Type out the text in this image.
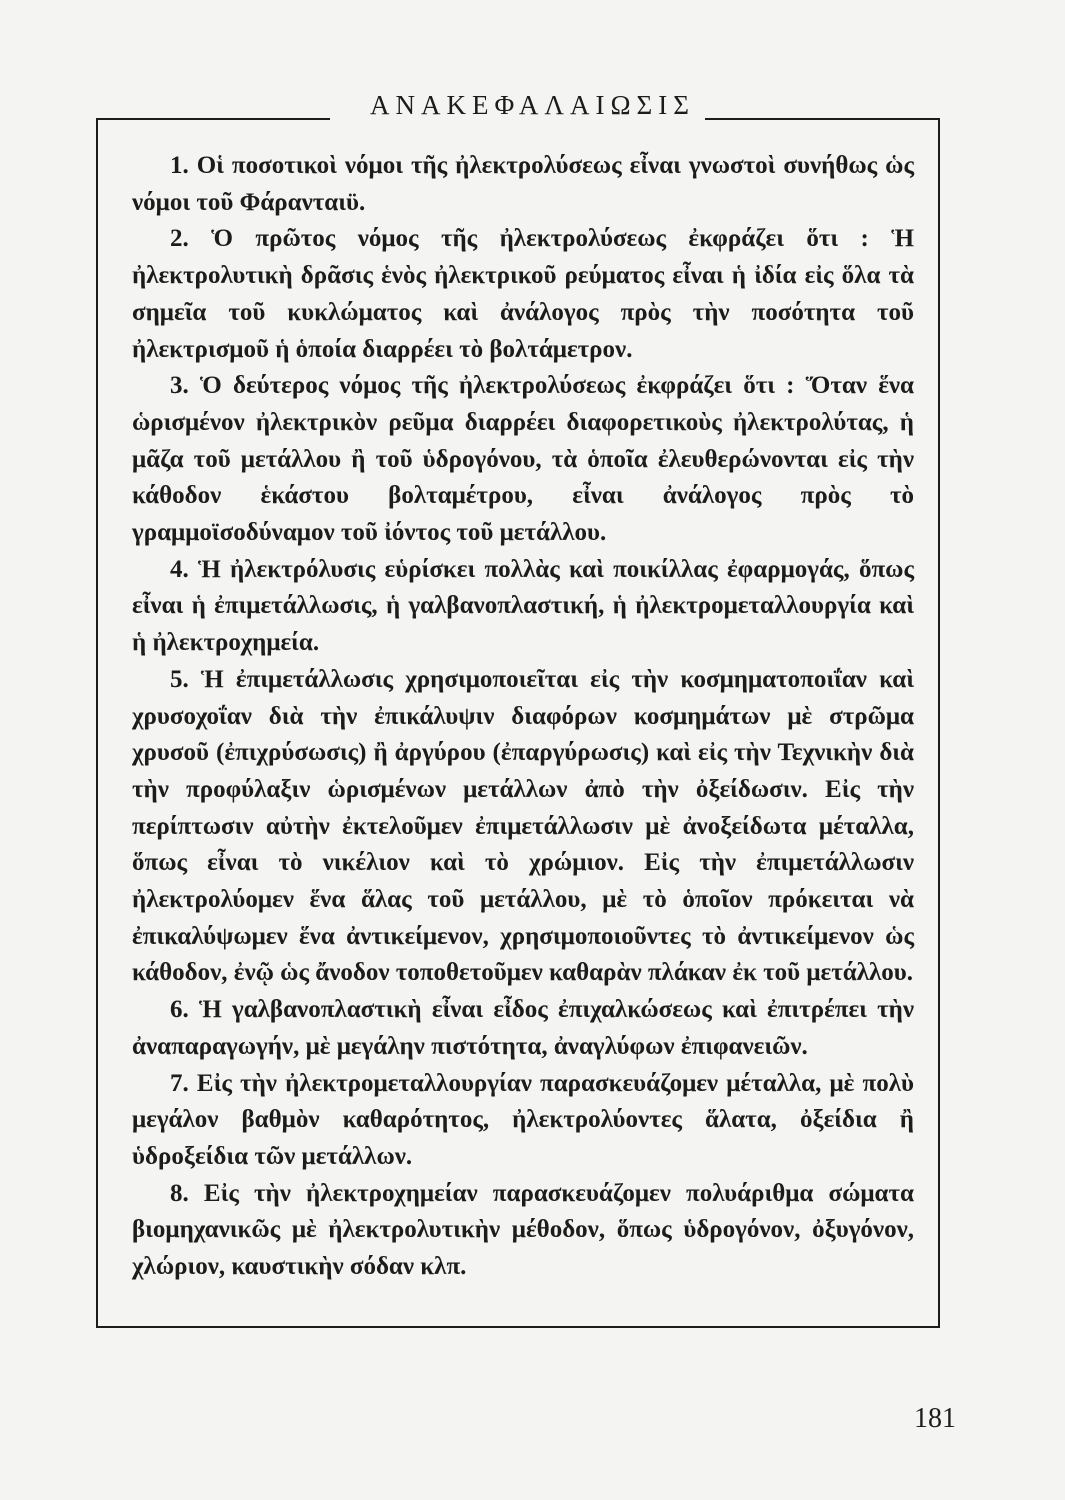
ΑΝΑΚΕΦΑΛΑΙΩΣΙΣ

1. Οἱ ποσοτικοὶ νόμοι τῆς ἠλεκτρολύσεως εἶναι γνωστοὶ συνήθως ὡς νόμοι τοῦ Φάρανταιϋ.

2. Ὁ πρῶτος νόμος τῆς ἠλεκτρολύσεως ἐκφράζει ὅτι : Ἡ ἠλεκτρολυτικὴ δρᾶσις ἑνὸς ἠλεκτρικοῦ ρεύματος εἶναι ἡ ἰδία εἰς ὅλα τὰ σημεῖα τοῦ κυκλώματος καὶ ἀνάλογος πρὸς τὴν ποσότητα τοῦ ἠλεκτρισμοῦ ἡ ὁποία διαρρέει τὸ βολτάμετρον.

3. Ὁ δεύτερος νόμος τῆς ἠλεκτρολύσεως ἐκφράζει ὅτι : Ὅταν ἕνα ὡρισμένον ἠλεκτρικὸν ρεῦμα διαρρέει διαφορετικοὺς ἠλεκτρολύτας, ἡ μᾶζα τοῦ μετάλλου ἢ τοῦ ὑδρογόνου, τὰ ὁποῖα ἐλευθερώνονται εἰς τὴν κάθοδον ἑκάστου βολταμέτρου, εἶναι ἀνάλογος πρὸς τὸ γραμμοϊσοδύναμον τοῦ ἰόντος τοῦ μετάλλου.

4. Ἡ ἠλεκτρόλυσις εὑρίσκει πολλὰς καὶ ποικίλλας ἐφαρμογάς, ὅπως εἶναι ἡ ἐπιμετάλλωσις, ἡ γαλβανοπλαστική, ἡ ἠλεκτρομεταλλουργία καὶ ἡ ἠλεκτροχημεία.

5. Ἡ ἐπιμετάλλωσις χρησιμοποιεῖται εἰς τὴν κοσμηματοποιΐαν καὶ χρυσοχοΐαν διὰ τὴν ἐπικάλυψιν διαφόρων κοσμημάτων μὲ στρῶμα χρυσοῦ (ἐπιχρύσωσις) ἢ ἀργύρου (ἐπαργύρωσις) καὶ εἰς τὴν Τεχνικὴν διὰ τὴν προφύλαξιν ὡρισμένων μετάλλων ἀπὸ τὴν ὀξείδωσιν. Εἰς τὴν περίπτωσιν αὐτὴν ἐκτελοῦμεν ἐπιμετάλλωσιν μὲ ἀνοξείδωτα μέταλλα, ὅπως εἶναι τὸ νικέλιον καὶ τὸ χρώμιον. Εἰς τὴν ἐπιμετάλλωσιν ἠλεκτρολύομεν ἕνα ἅλας τοῦ μετάλλου, μὲ τὸ ὁποῖον πρόκειται νὰ ἐπικαλύψωμεν ἕνα ἀντικείμενον, χρησιμοποιοῦντες τὸ ἀντικείμενον ὡς κάθοδον, ἐνῷ ὡς ἄνοδον τοποθετοῦμεν καθαρὰν πλάκαν ἐκ τοῦ μετάλλου.

6. Ἡ γαλβανοπλαστικὴ εἶναι εἶδος ἐπιχαλκώσεως καὶ ἐπιτρέπει τὴν ἀναπαραγωγήν, μὲ μεγάλην πιστότητα, ἀναγλύφων ἐπιφανειῶν.

7. Εἰς τὴν ἠλεκτρομεταλλουργίαν παρασκευάζομεν μέταλλα, μὲ πολὺ μεγάλον βαθμὸν καθαρότητος, ἠλεκτρολύοντες ἅλατα, ὀξείδια ἢ ὑδροξείδια τῶν μετάλλων.

8. Εἰς τὴν ἠλεκτροχημείαν παρασκευάζομεν πολυάριθμα σώματα βιομηχανικῶς μὲ ἠλεκτρολυτικὴν μέθοδον, ὅπως ὑδρογόνον, ὀξυγόνον, χλώριον, καυστικὴν σόδαν κλπ.

181
